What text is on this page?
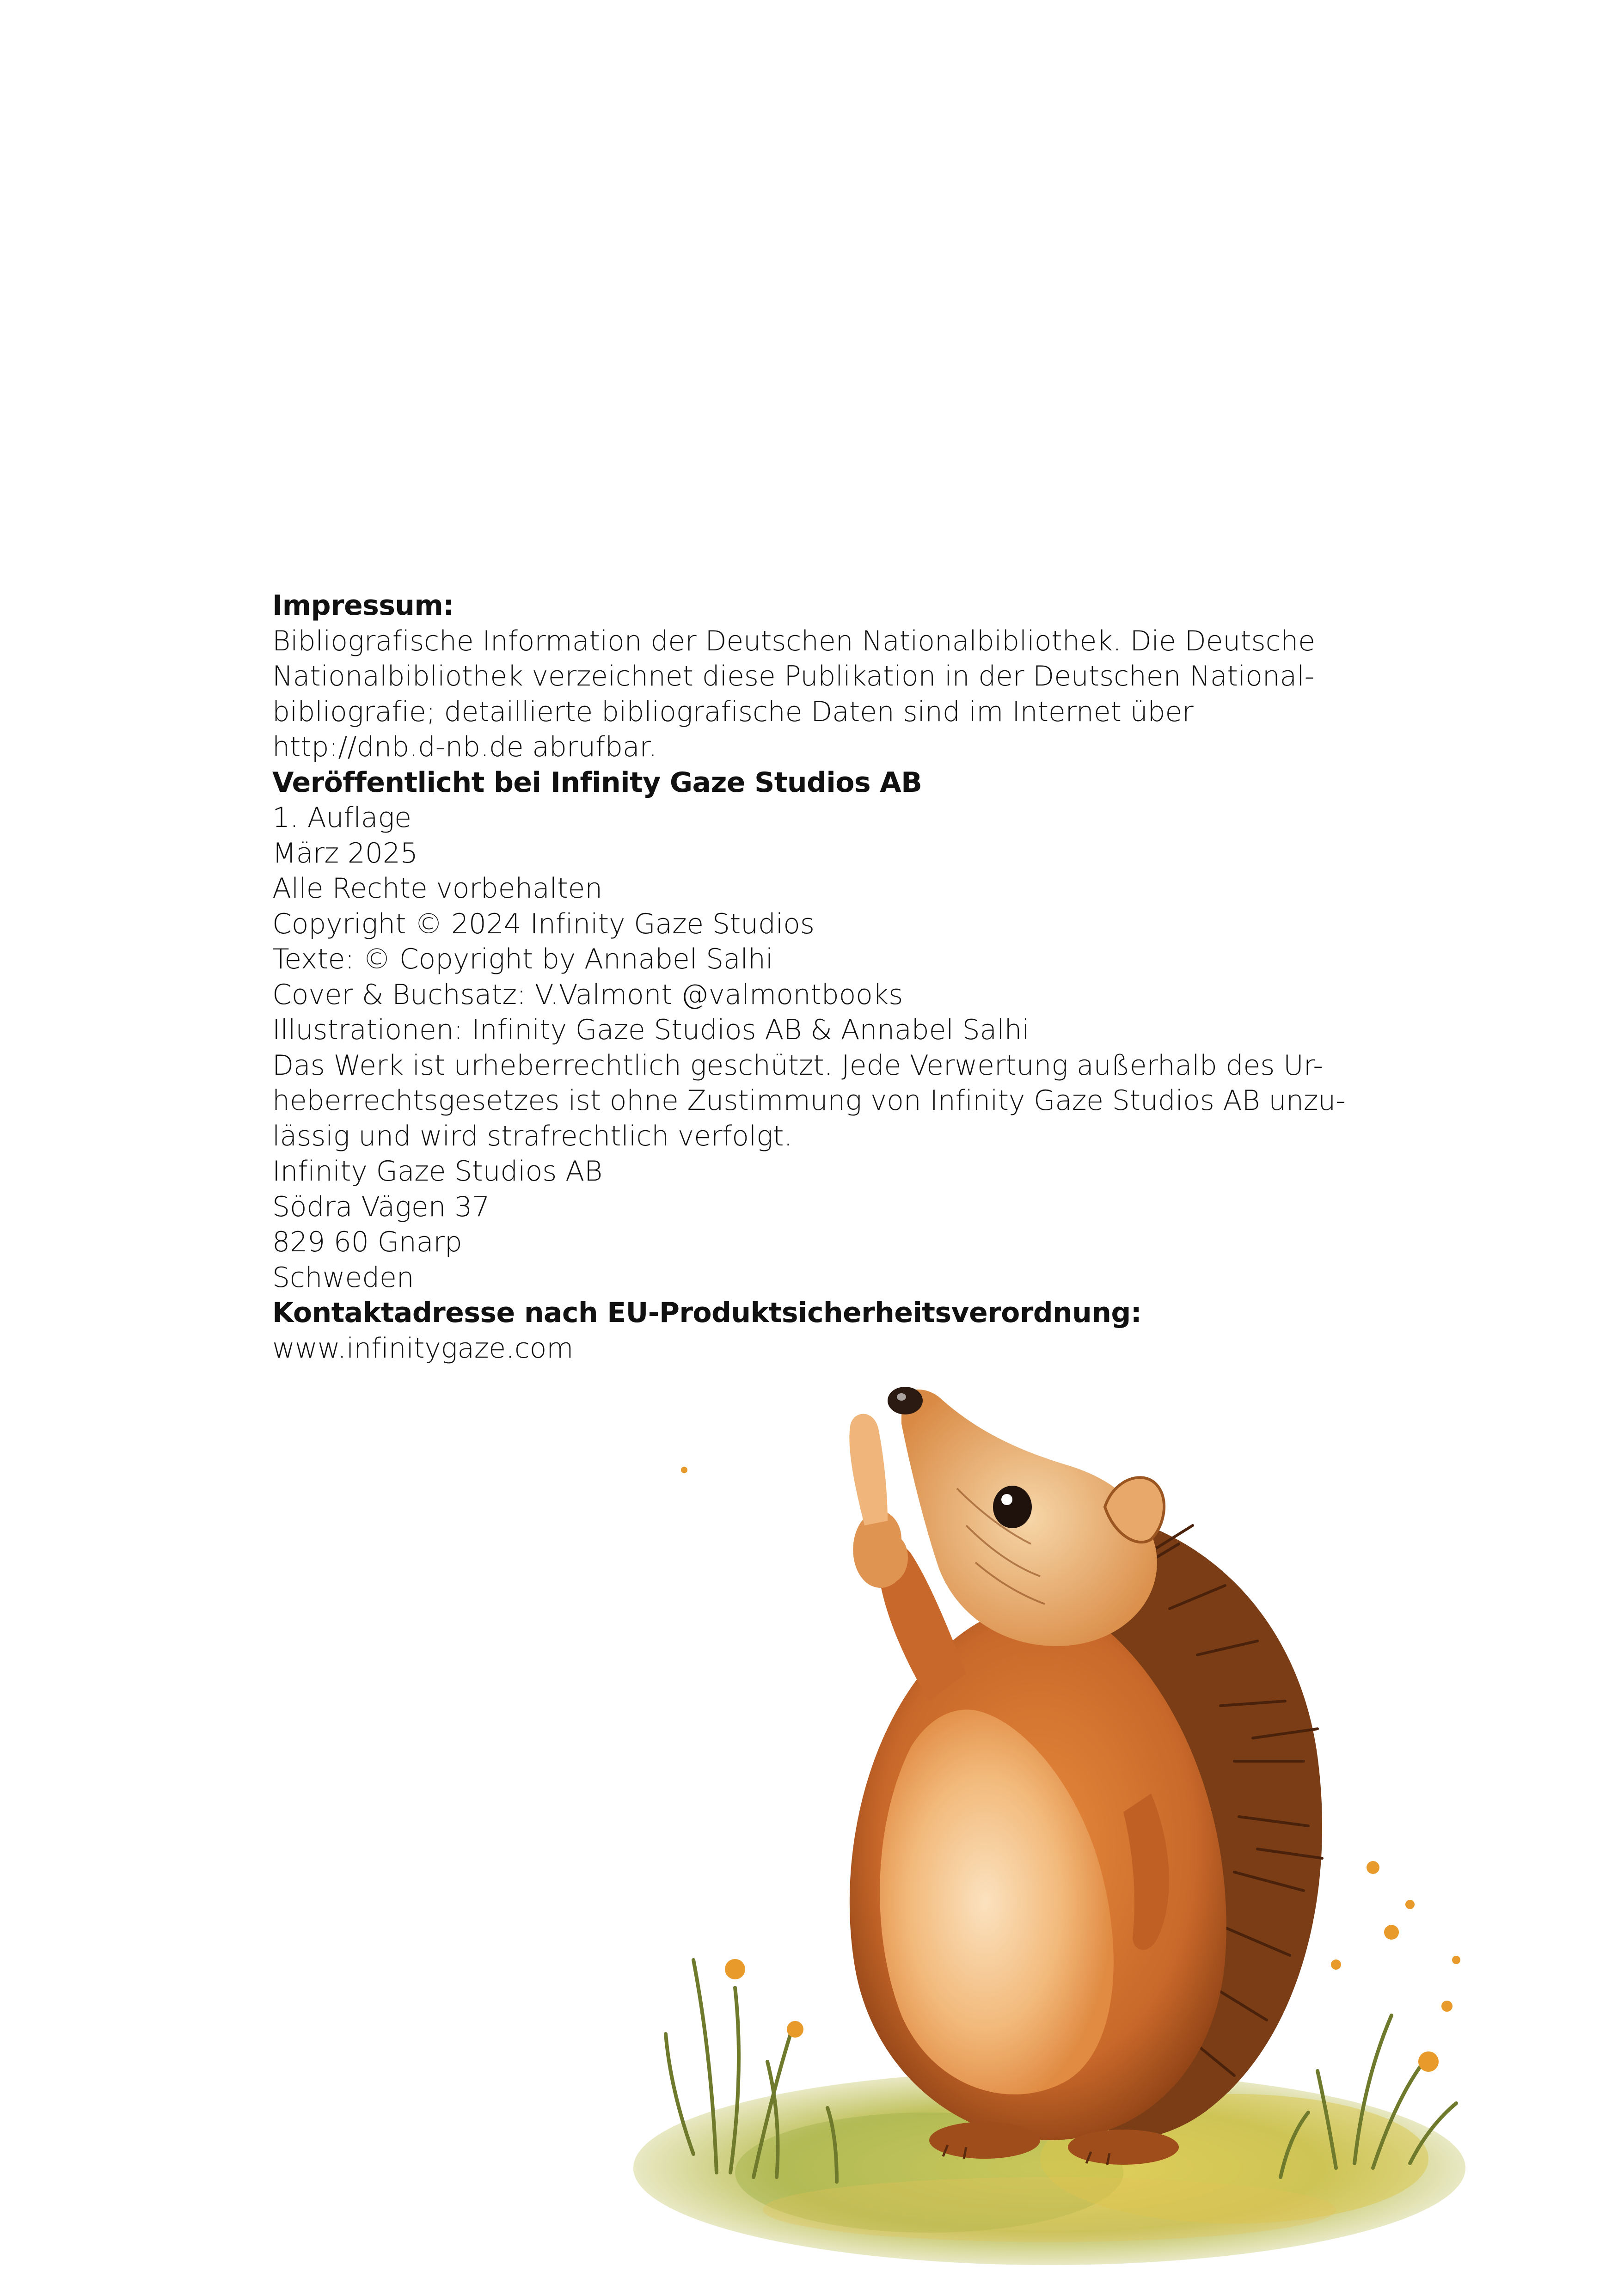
Impressum:
Bibliografische Information der Deutschen Nationalbibliothek. Die Deutsche
Nationalbibliothek verzeichnet diese Publikation in der Deutschen National-
bibliografie; detaillierte bibliografische Daten sind im Internet über
http://dnb.d-nb.de abrufbar.
Veröffentlicht bei Infinity Gaze Studios AB
1. Auflage
März 2025
Alle Rechte vorbehalten
Copyright © 2024 Infinity Gaze Studios
Texte: © Copyright by Annabel Salhi
Cover & Buchsatz: V.Valmont @valmontbooks
Illustrationen: Infinity Gaze Studios AB & Annabel Salhi
Das Werk ist urheberrechtlich geschützt. Jede Verwertung außerhalb des Ur-
heberrechtsgesetzes ist ohne Zustimmung von Infinity Gaze Studios AB unzu-
lässig und wird strafrechtlich verfolgt.
Infinity Gaze Studios AB
Södra Vägen 37
829 60 Gnarp
Schweden
Kontaktadresse nach EU-Produktsicherheitsverordnung:
www.infinitygaze.com
